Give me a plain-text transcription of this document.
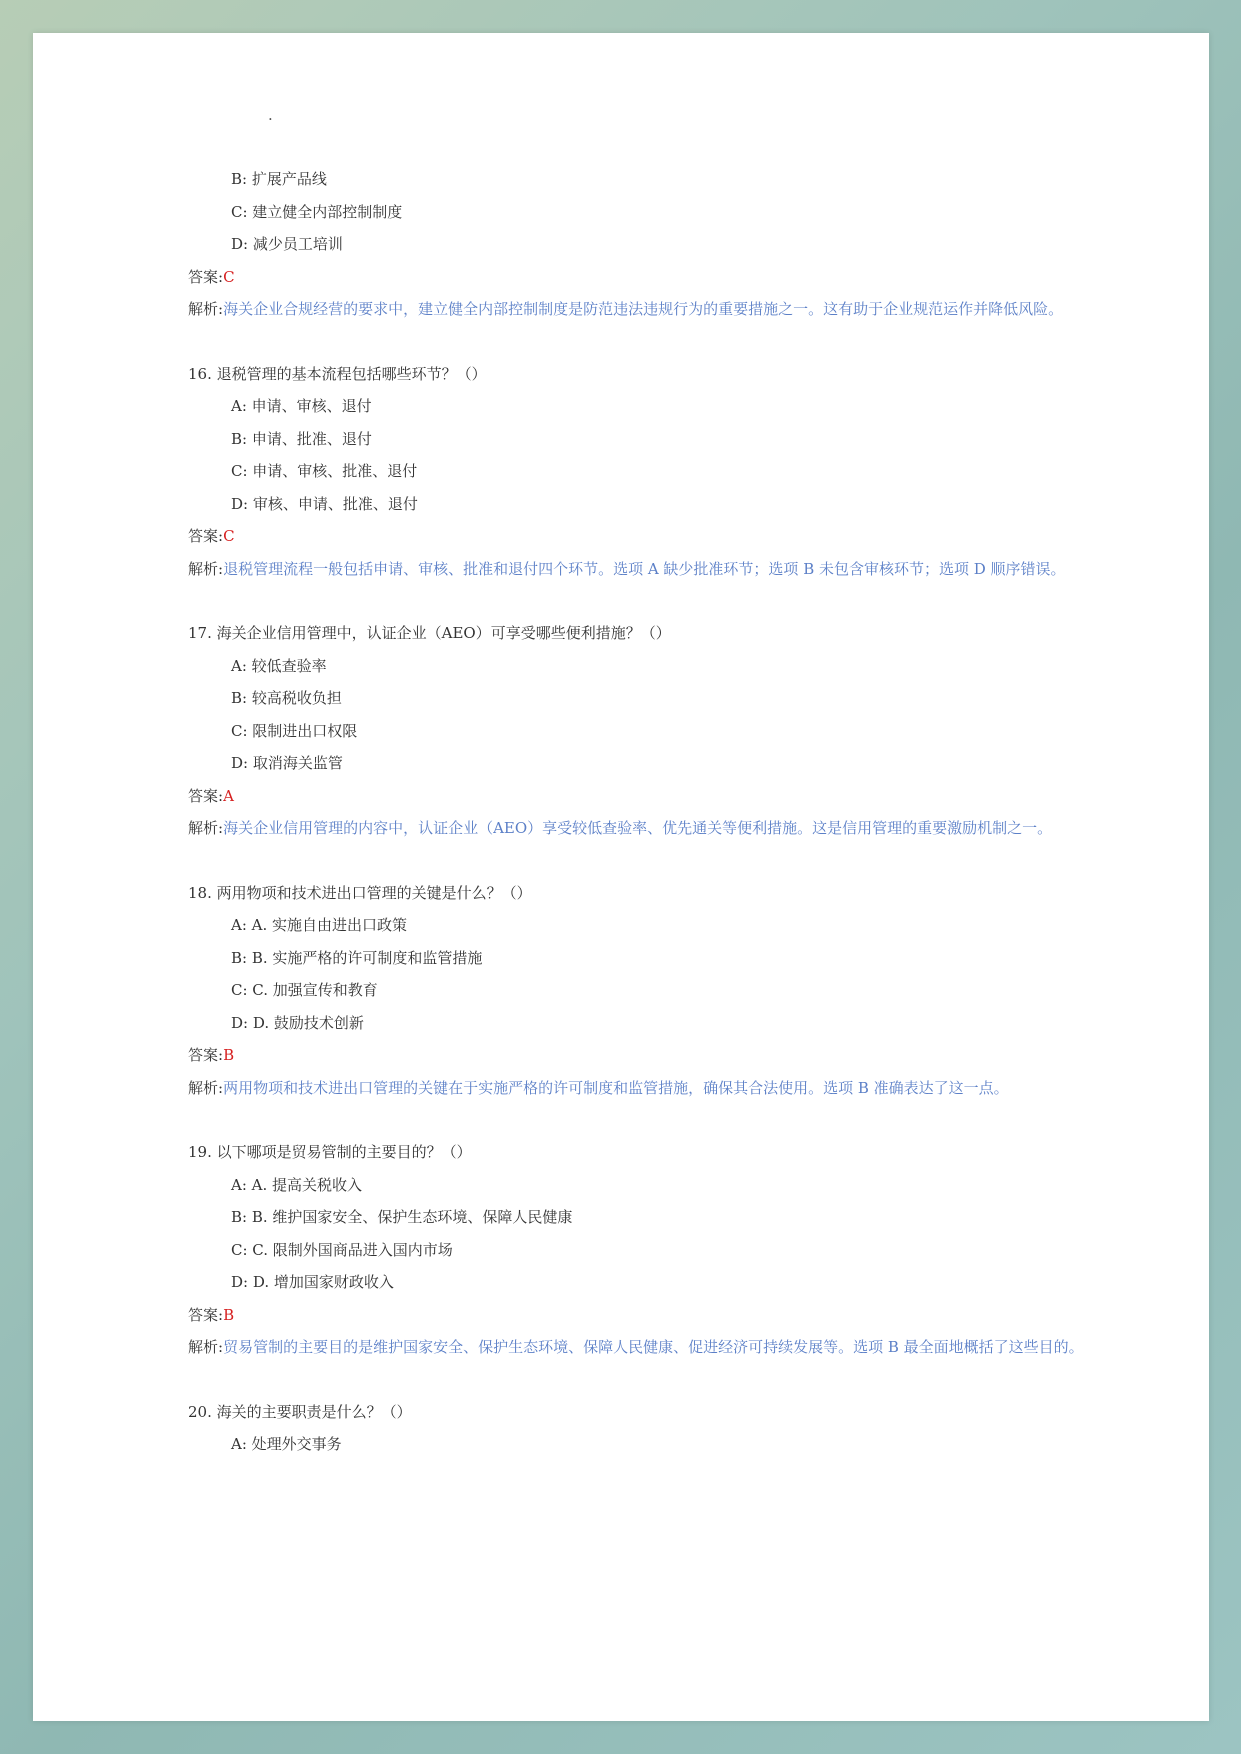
.
B: 扩展产品线
C: 建立健全内部控制制度
D: 减少员工培训
答案:C
解析:海关企业合规经营的要求中，建立健全内部控制制度是防范违法违规行为的重要措施之一。这有助于企业规范运作并降低风险。
16. 退税管理的基本流程包括哪些环节？（）
A: 申请、审核、退付
B: 申请、批准、退付
C: 申请、审核、批准、退付
D: 审核、申请、批准、退付
答案:C
解析:退税管理流程一般包括申请、审核、批准和退付四个环节。选项 A 缺少批准环节；选项 B 未包含审核环节；选项 D 顺序错误。
17. 海关企业信用管理中，认证企业（AEO）可享受哪些便利措施？（）
A: 较低查验率
B: 较高税收负担
C: 限制进出口权限
D: 取消海关监管
答案:A
解析:海关企业信用管理的内容中，认证企业（AEO）享受较低查验率、优先通关等便利措施。这是信用管理的重要激励机制之一。
18. 两用物项和技术进出口管理的关键是什么？（）
A: A. 实施自由进出口政策
B: B. 实施严格的许可制度和监管措施
C: C. 加强宣传和教育
D: D. 鼓励技术创新
答案:B
解析:两用物项和技术进出口管理的关键在于实施严格的许可制度和监管措施，确保其合法使用。选项 B 准确表达了这一点。
19. 以下哪项是贸易管制的主要目的？（）
A: A. 提高关税收入
B: B. 维护国家安全、保护生态环境、保障人民健康
C: C. 限制外国商品进入国内市场
D: D. 增加国家财政收入
答案:B
解析:贸易管制的主要目的是维护国家安全、保护生态环境、保障人民健康、促进经济可持续发展等。选项 B 最全面地概括了这些目的。
20. 海关的主要职责是什么？（）
A: 处理外交事务
